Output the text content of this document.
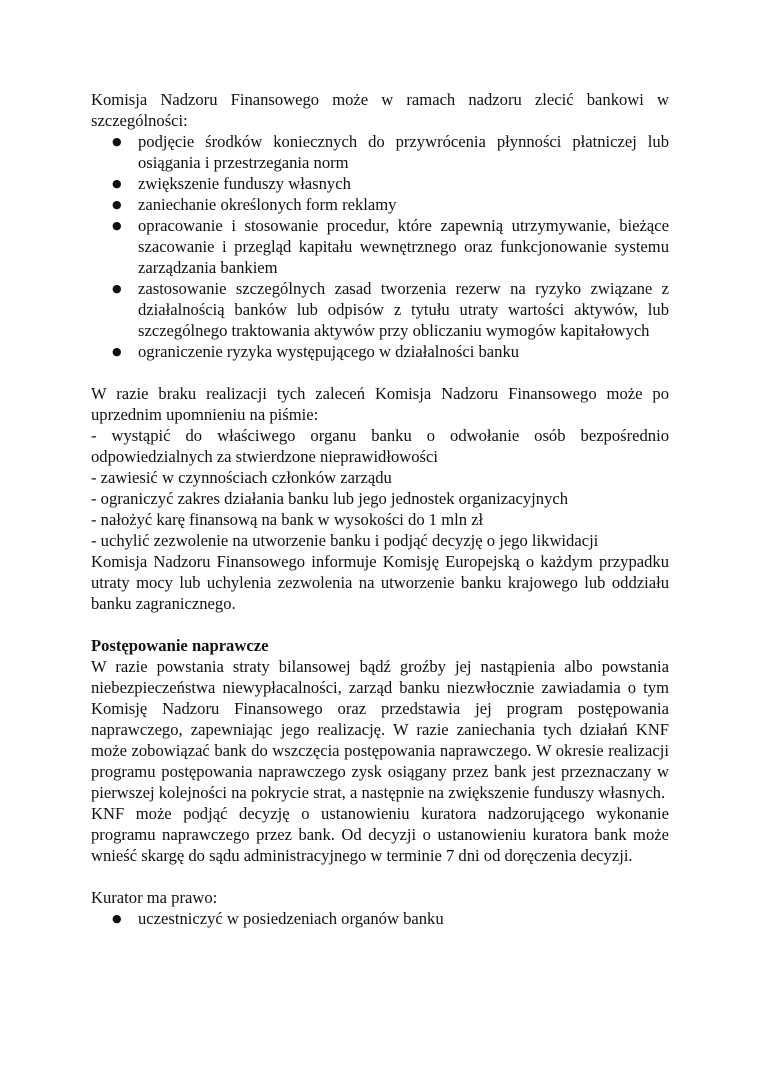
Komisja Nadzoru Finansowego może w ramach nadzoru zlecić bankowi w szczególności:

● podjęcie środków koniecznych do przywrócenia płynności płatniczej lub osiągania i przestrzegania norm
● zwiększenie funduszy własnych
● zaniechanie określonych form reklamy
● opracowanie i stosowanie procedur, które zapewnią utrzymywanie, bieżące szacowanie i przegląd kapitału wewnętrznego oraz funkcjonowanie systemu zarządzania bankiem
● zastosowanie szczególnych zasad tworzenia rezerw na ryzyko związane z działalnością banków lub odpisów z tytułu utraty wartości aktywów, lub szczególnego traktowania aktywów przy obliczaniu wymogów kapitałowych
● ograniczenie ryzyka występującego w działalności banku

W razie braku realizacji tych zaleceń Komisja Nadzoru Finansowego może po uprzednim upomnieniu na piśmie:

- wystąpić do właściwego organu banku o odwołanie osób bezpośrednio odpowiedzialnych za stwierdzone nieprawidłowości

- zawiesić w czynnościach członków zarządu

- ograniczyć zakres działania banku lub jego jednostek organizacyjnych

- nałożyć karę finansową na bank w wysokości do 1 mln zł

- uchylić zezwolenie na utworzenie banku i podjąć decyzję o jego likwidacji

Komisja Nadzoru Finansowego informuje Komisję Europejską o każdym przypadku utraty mocy lub uchylenia zezwolenia na utworzenie banku krajowego lub oddziału banku zagranicznego.

Postępowanie naprawcze

W razie powstania straty bilansowej bądź groźby jej nastąpienia albo powstania niebezpieczeństwa niewypłacalności, zarząd banku niezwłocznie zawiadamia o tym Komisję Nadzoru Finansowego oraz przedstawia jej program postępowania naprawczego, zapewniając jego realizację. W razie zaniechania tych działań KNF może zobowiązać bank do wszczęcia postępowania naprawczego. W okresie realizacji programu postępowania naprawczego zysk osiągany przez bank jest przeznaczany w pierwszej kolejności na pokrycie strat, a następnie na zwiększenie funduszy własnych.

KNF może podjąć decyzję o ustanowieniu kuratora nadzorującego wykonanie programu naprawczego przez bank. Od decyzji o ustanowieniu kuratora bank może wnieść skargę do sądu administracyjnego w terminie 7 dni od doręczenia decyzji.

Kurator ma prawo:

● uczestniczyć w posiedzeniach organów banku
